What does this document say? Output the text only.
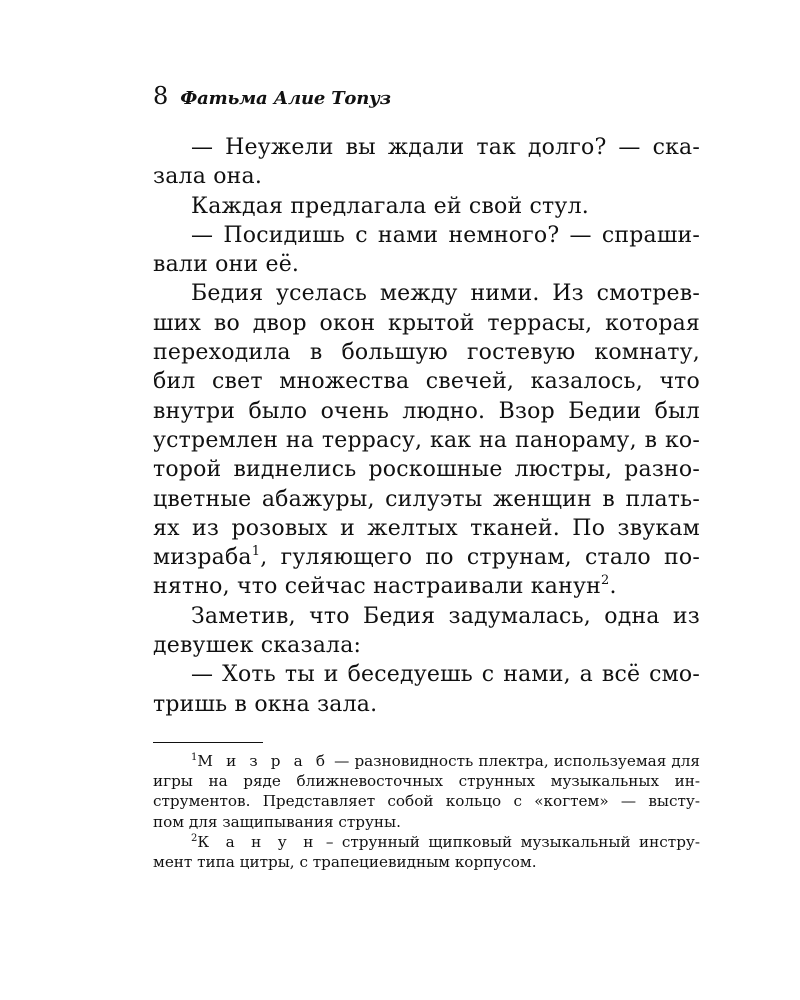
8 Фатьма Алие Топуз
— Неужели вы ждали так долго? — ска-
зала она.
Каждая предлагала ей свой стул.
— Посидишь с нами немного? — спраши-
вали они её.
Бедия уселась между ними. Из смотрев-
ших во двор окон крытой террасы, которая
переходила в большую гостевую комнату,
бил свет множества свечей, казалось, что
внутри было очень людно. Взор Бедии был
устремлен на террасу, как на панораму, в ко-
торой виднелись роскошные люстры, разно-
цветные абажуры, силуэты женщин в плать-
ях из розовых и желтых тканей. По звукам
мизраба$^1$, гуляющего по струнам, стало по-
нятно, что сейчас настраивали канун$^2$.
Заметив, что Бедия задумалась, одна из
девушек сказала:
— Хоть ты и беседуешь с нами, а всё смо-
тришь в окна зала.
$^1$М и з р а б — разновидность плектра, используемая для
игры на ряде ближневосточных струнных музыкальных ин-
струментов. Представляет собой кольцо с «когтем» — высту-
пом для защипывания струны.
$^2$К а н у н – струнный щипковый музыкальный инстру-
мент типа цитры, с трапециевидным корпусом.
